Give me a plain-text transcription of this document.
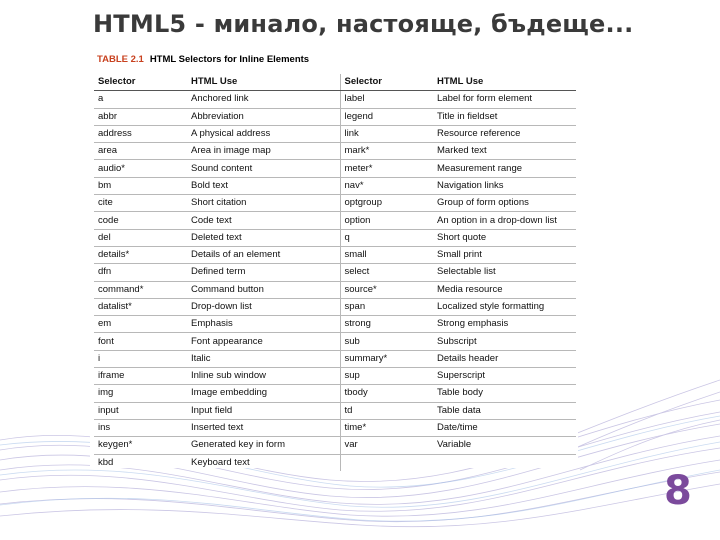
HTML5 - минало, настояще, бъдеще...
TABLE 2.1 HTML Selectors for Inline Elements
Selector	HTML Use	Selector	HTML Use
a	Anchored link	label	Label for form element
abbr	Abbreviation	legend	Title in fieldset
address	A physical address	link	Resource reference
area	Area in image map	mark*	Marked text
audio*	Sound content	meter*	Measurement range
bm	Bold text	nav*	Navigation links
cite	Short citation	optgroup	Group of form options
code	Code text	option	An option in a drop-down list
del	Deleted text	q	Short quote
details*	Details of an element	small	Small print
dfn	Defined term	select	Selectable list
command*	Command button	source*	Media resource
datalist*	Drop-down list	span	Localized style formatting
em	Emphasis	strong	Strong emphasis
font	Font appearance	sub	Subscript
i	Italic	summary*	Details header
iframe	Inline sub window	sup	Superscript
img	Image embedding	tbody	Table body
input	Input field	td	Table data
ins	Inserted text	time*	Date/time
keygen*	Generated key in form	var	Variable
kbd	Keyboard text		
8
